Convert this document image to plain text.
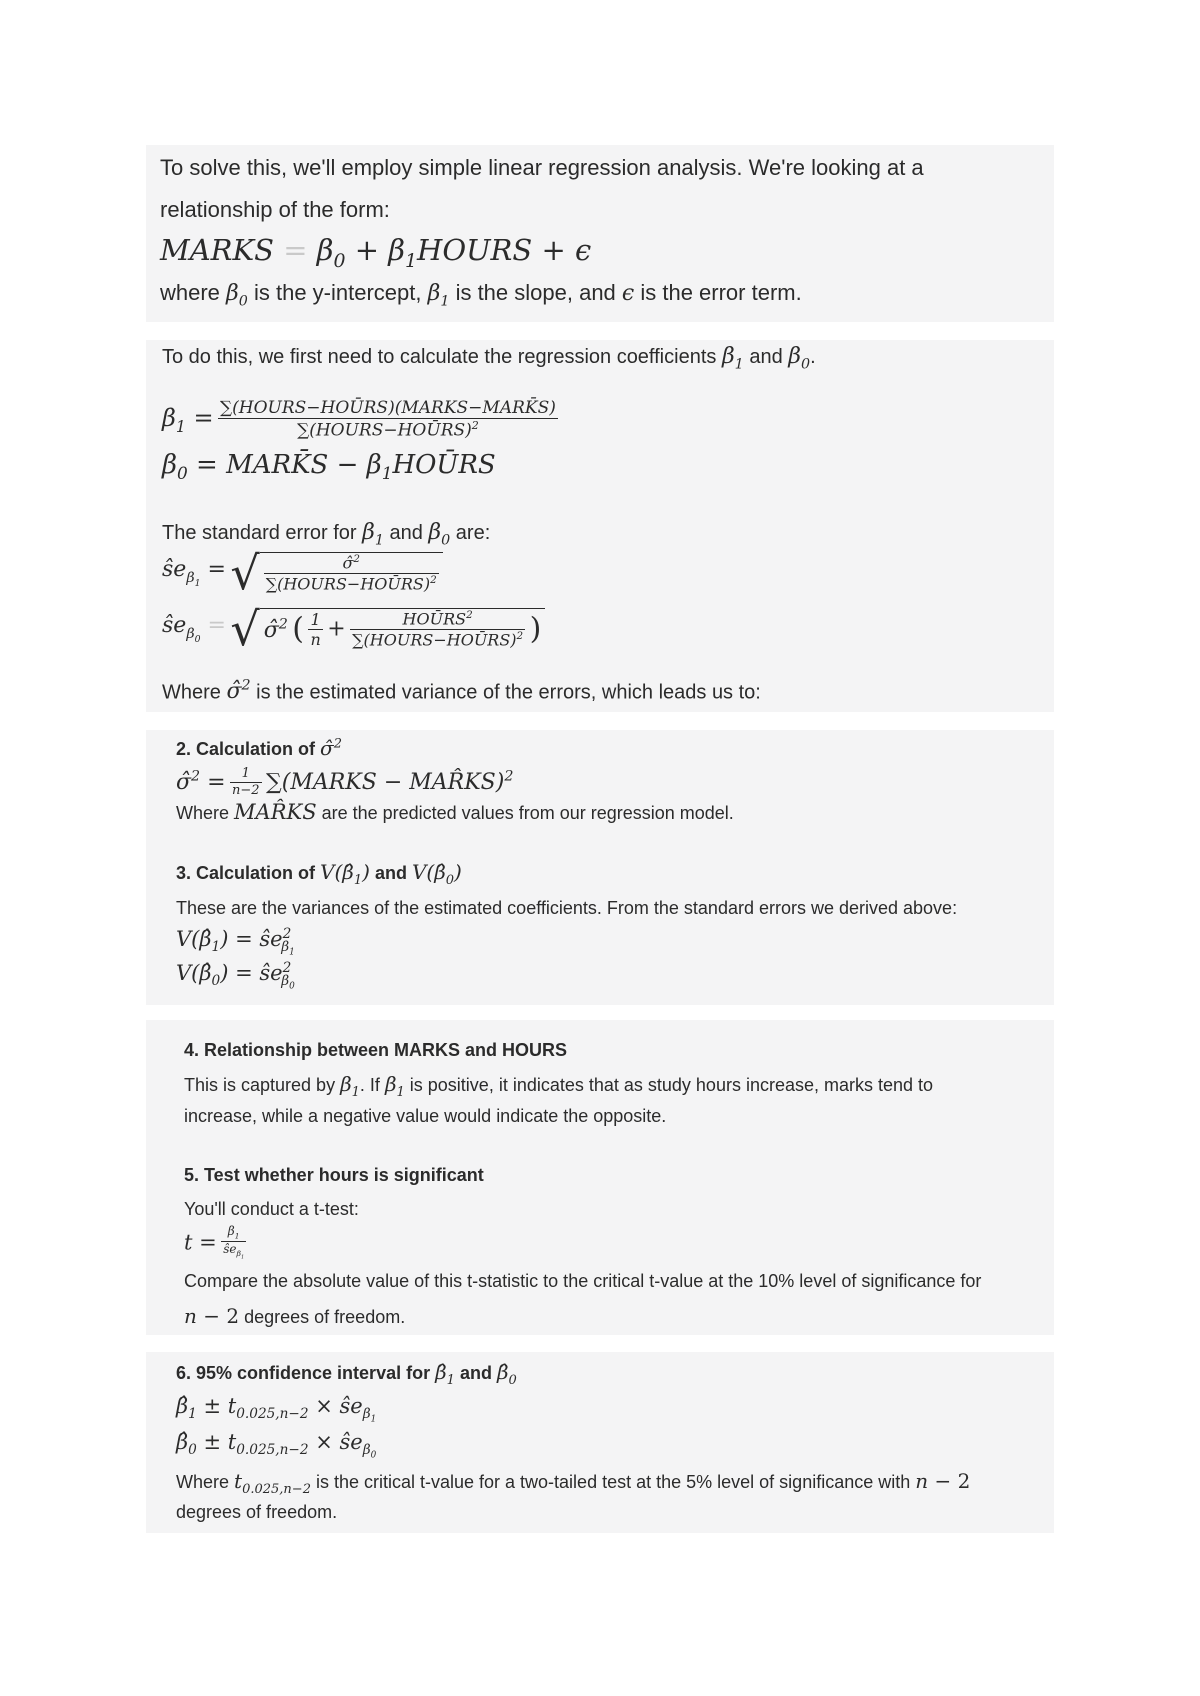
To solve this, we'll employ simple linear regression analysis. We're looking at a
relationship of the form:
MARKS = $\beta_0$ + $\beta_1HOURS + \epsilon$
where $\beta_0$ is the y-intercept, $\beta_1$ is the slope, and ϵ is the error term.
To do this, we first need to calculate the regression coefficients $\beta_1$ and $\beta_0$.
$\beta_1 = \frac{\text{∑(HOURS−HOŪRS)(MARKS−MARK̄S)}}{\sum(HOURS-HOŪRS)^2}$
$\beta_0$ = MARK̄S − $\beta_1HOŪRS$
The standard error for $\beta_1$ and $\beta_0$ are:
$ŝe_{\beta_1}$ = √ $\frac{\sigmâ^2}{\sum(HOURS-HOŪRS)^2}$
$ŝe_{\beta_0}$ = √ σ̂$^2$ ( $\frac{1}{n} + \frac{HOŪRS^2}{\sum(HOURS-HOŪRS)^2}$ )
Where σ̂$^2$ is the estimated variance of the errors, which leads us to:
2. Calculation of σ̂$^2$
σ̂$^2$ = $\frac{1}{n-2}$ ∑(MARKS − MAR̂KS)$^2$
Where MAR̂KS are the predicted values from our regression model.
3. Calculation of $V(\betâ_1)$ and $V(\betâ_0)$
These are the variances of the estimated coefficients. From the standard errors we derived above:
$V(\betâ_1)$ = $ŝe^2_{\beta_1}$
$V(\betâ_0)$ = $ŝe^2_{\beta_0}$
4. Relationship between MARKS and HOURS
This is captured by $\beta_1$. If $\beta_1$ is positive, it indicates that as study hours increase, marks tend to
increase, while a negative value would indicate the opposite.
5. Test whether hours is significant
You'll conduct a t-test:
$t = \frac{\beta_1}{ŝe_{\beta_1}}$
Compare the absolute value of this t-statistic to the critical t-value at the 10% level of significance for
n − 2 degrees of freedom.
6. 95% confidence interval for $\betâ_1$ and $\betâ_0$
$\betâ_1 \pm t_{0.025,n-2}$ × $ŝe_{\beta_1}$
$\betâ_0 \pm t_{0.025,n-2}$ × $ŝe_{\beta_0}$
Where $t_{0.025,n-2}$ is the critical t-value for a two-tailed test at the 5% level of significance with n − 2
degrees of freedom.
